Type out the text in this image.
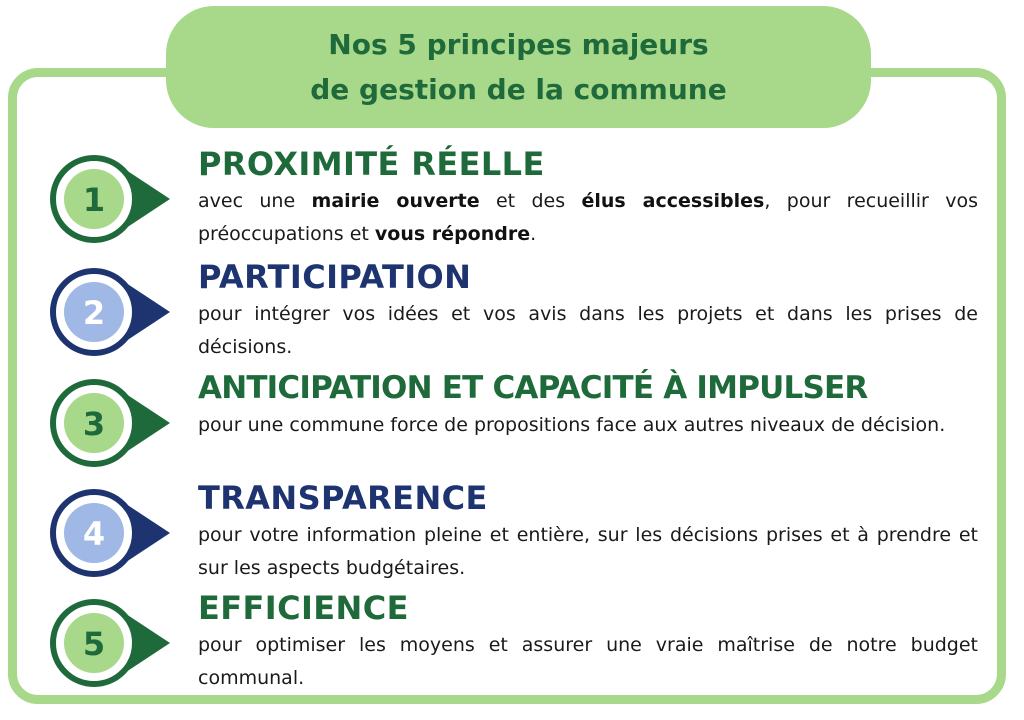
Nos 5 principes majeurs
de gestion de la commune
1
PROXIMITÉ RÉELLE
avec une mairie ouverte et des élus accessibles, pour recueillir vos préoccupations et vous répondre.
2
PARTICIPATION
pour intégrer vos idées et vos avis dans les projets et dans les prises de décisions.
3
ANTICIPATION ET CAPACITÉ À IMPULSER
pour une commune force de propositions face aux autres niveaux de décision.
4
TRANSPARENCE
pour votre information pleine et entière, sur les décisions prises et à prendre et sur les aspects budgétaires.
5
EFFICIENCE
pour optimiser les moyens et assurer une vraie maîtrise de notre budget communal.
